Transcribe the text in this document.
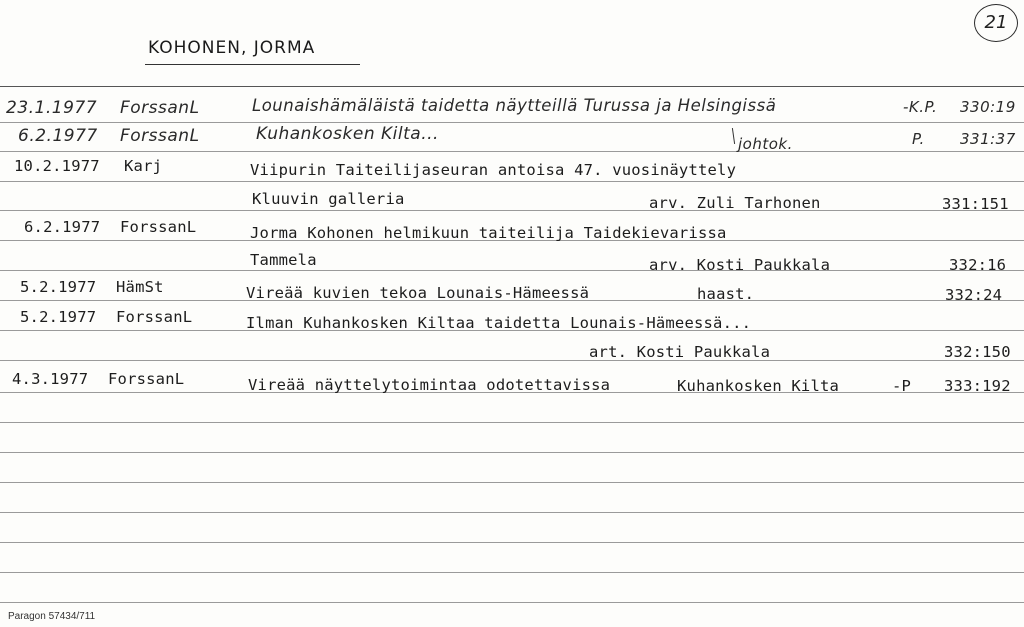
21
KOHONEN, JORMA
23.1.1977 ForssanL	Lounaishämäläistä taidetta näytteillä Turussa ja Helsingissä	-K.P. 330:19
6.2.1977 ForssanL	Kuhankosken Kilta...	johtok.	P. 331:37
10.2.1977 Karj	Viipurin Taiteilijaseuran antoisa 47. vuosinäyttely
Kluuvin galleria	arv. Zuli Tarhonen	331:151
6.2.1977 ForssanL	Jorma Kohonen helmikuun taiteilija Taidekievarissa
Tammela	arv. Kosti Paukkala	332:16
5.2.1977 HämSt	Vireää kuvien tekoa Lounais-Hämeessä	haast.	332:24
5.2.1977 ForssanL	Ilman Kuhankosken Kiltaa taidetta Lounais-Hämeessä...
art. Kosti Paukkala	332:150
4.3.1977 ForssanL	Vireää näyttelytoimintaa odotettavissa	Kuhankosken Kilta	-P 333:192
Paragon 57434/711
